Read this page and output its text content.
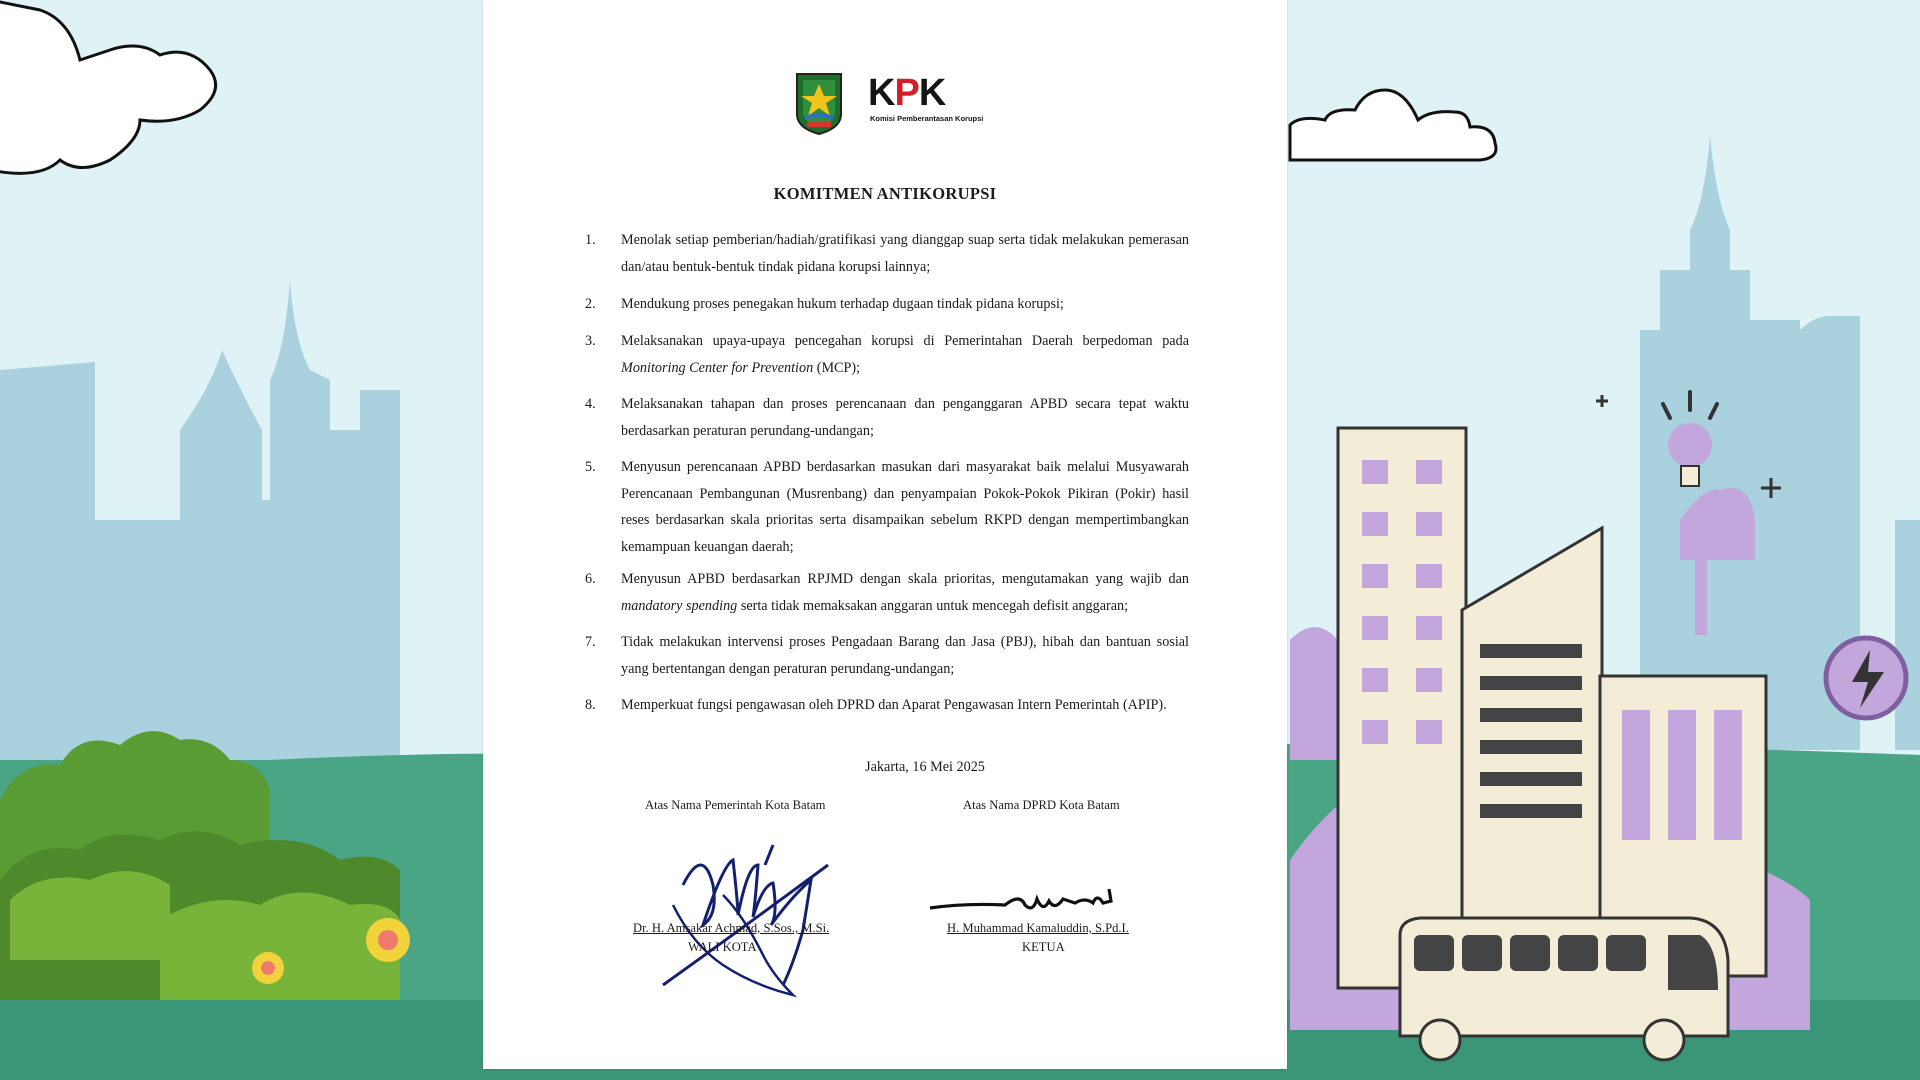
KPK
Komisi Pemberantasan Korupsi
KOMITMEN ANTIKORUPSI
1. Menolak setiap pemberian/hadiah/gratifikasi yang dianggap suap serta tidak melakukan pemerasan dan/atau bentuk-bentuk tindak pidana korupsi lainnya;
2. Mendukung proses penegakan hukum terhadap dugaan tindak pidana korupsi;
3. Melaksanakan upaya-upaya pencegahan korupsi di Pemerintahan Daerah berpedoman pada Monitoring Center for Prevention (MCP);
4. Melaksanakan tahapan dan proses perencanaan dan penganggaran APBD secara tepat waktu berdasarkan peraturan perundang-undangan;
5. Menyusun perencanaan APBD berdasarkan masukan dari masyarakat baik melalui Musyawarah Perencanaan Pembangunan (Musrenbang) dan penyampaian Pokok-Pokok Pikiran (Pokir) hasil reses berdasarkan skala prioritas serta disampaikan sebelum RKPD dengan mempertimbangkan kemampuan keuangan daerah;
6. Menyusun APBD berdasarkan RPJMD dengan skala prioritas, mengutamakan yang wajib dan mandatory spending serta tidak memaksakan anggaran untuk mencegah defisit anggaran;
7. Tidak melakukan intervensi proses Pengadaan Barang dan Jasa (PBJ), hibah dan bantuan sosial yang bertentangan dengan peraturan perundang-undangan;
8. Memperkuat fungsi pengawasan oleh DPRD dan Aparat Pengawasan Intern Pemerintah (APIP).
Jakarta, 16 Mei 2025
Atas Nama Pemerintah Kota Batam	Atas Nama DPRD Kota Batam
Dr. H. Amsakar Achmad, S.Sos., M.Si.
WALI KOTA
H. Muhammad Kamaluddin, S.Pd.I.
KETUA
